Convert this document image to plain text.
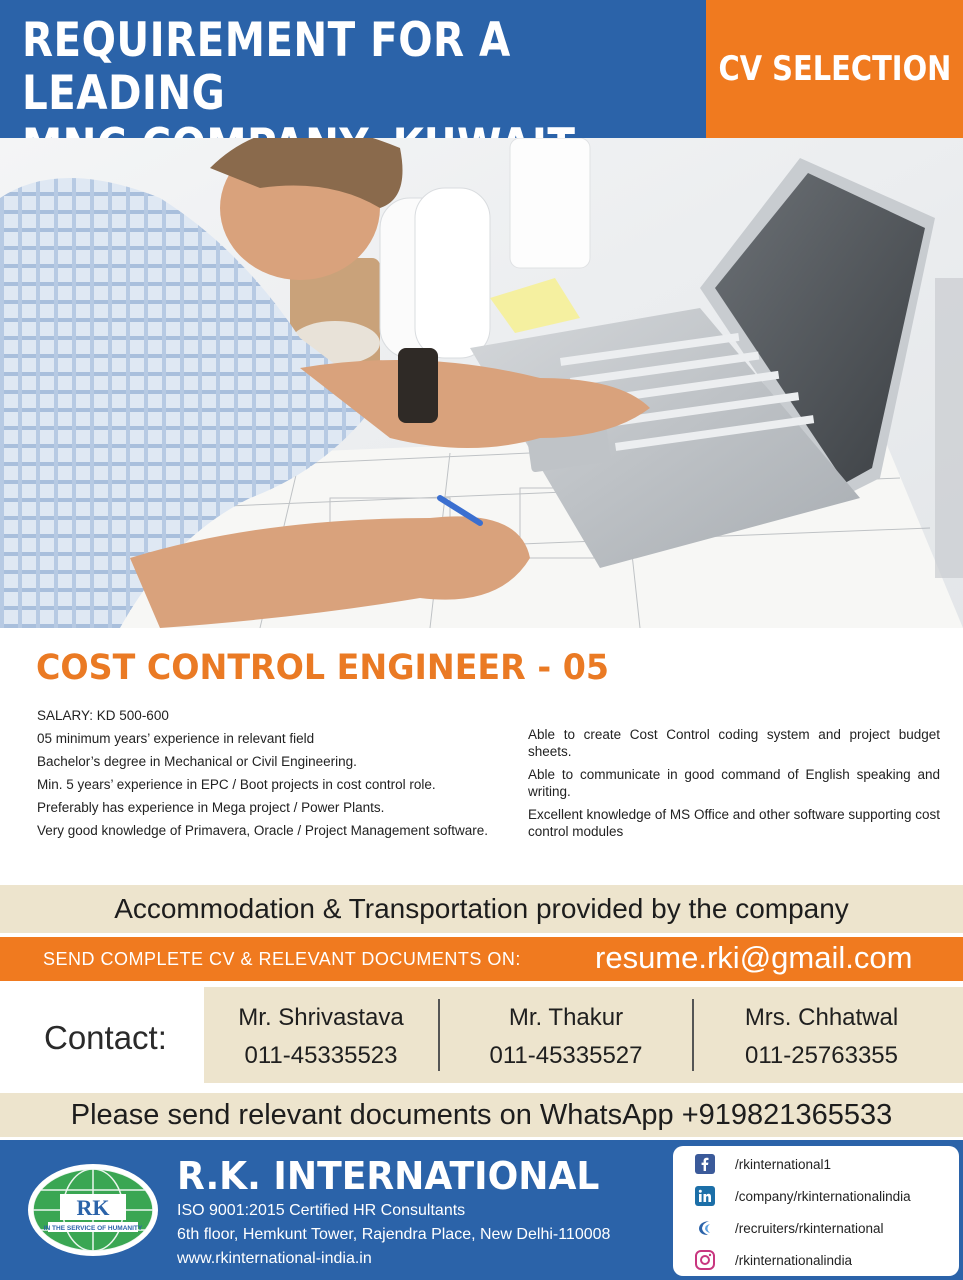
REQUIREMENT FOR A LEADING	CV SELECTION
COST CONTROL ENGINEER - 05

SALARY: KD 500-600

05 minimum years’ experience in relevant field

Bachelor’s degree in Mechanical or Civil Engineering.

Min. 5 years’ experience in EPC / Boot projects in cost control role.

Preferably has experience in Mega project / Power Plants.

Very good knowledge of Primavera, Oracle / Project Management software.

Able to create Cost Control coding system and project budget sheets.

Able to communicate in good command of English speaking and writing.

Excellent knowledge of MS Office and other software supporting cost control modules

Accommodation & Transportation provided by the company
SEND COMPLETE CV & RELEVANT DOCUMENTS ON: resume.rki@gmail.com
Contact:
Mr. Shrivastava
011-45335523
Mr. Thakur
011-45335527
Mrs. Chhatwal
011-25763355
Please send relevant documents on WhatsApp +919821365533
RK
IN THE SERVICE OF HUMANITY
R.K. INTERNATIONAL
ISO 9001:2015 Certified HR Consultants
6th floor, Hemkunt Tower, Rajendra Place, New Delhi-110008
www.rkinternational-india.in
/rkinternational1
/company/rkinternationalindia
/recruiters/rkinternational
/rkinternationalindia
